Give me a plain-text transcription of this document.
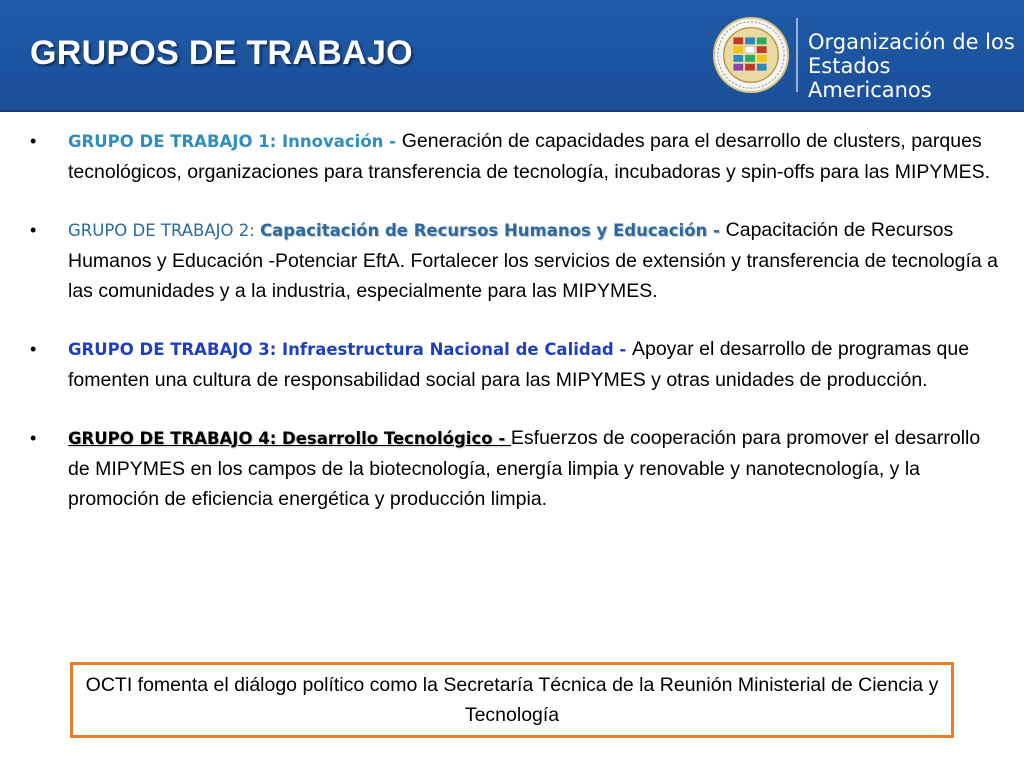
GRUPOS DE TRABAJO	Organización de los
Estados Americanos
•	GRUPO DE TRABAJO 1: Innovación - Generación de capacidades para el desarrollo de clusters, parques tecnológicos, organizaciones para transferencia de tecnología, incubadoras y spin-offs para las MIPYMES.
•	GRUPO DE TRABAJO 2: Capacitación de Recursos Humanos y Educación - Capacitación de Recursos Humanos y Educación -Potenciar EftA. Fortalecer los servicios de extensión y transferencia de tecnología a las comunidades y a la industria, especialmente para las MIPYMES.
•	GRUPO DE TRABAJO 3: Infraestructura Nacional de Calidad - Apoyar el desarrollo de programas que fomenten una cultura de responsabilidad social para las MIPYMES y otras unidades de producción.
•	GRUPO DE TRABAJO 4: Desarrollo Tecnológico - Esfuerzos de cooperación para promover el desarrollo de MIPYMES en los campos de la biotecnología, energía limpia y renovable y nanotecnología, y la promoción de eficiencia energética y producción limpia.
OCTI fomenta el diálogo político como la Secretaría Técnica de la Reunión Ministerial de Ciencia y Tecnología
